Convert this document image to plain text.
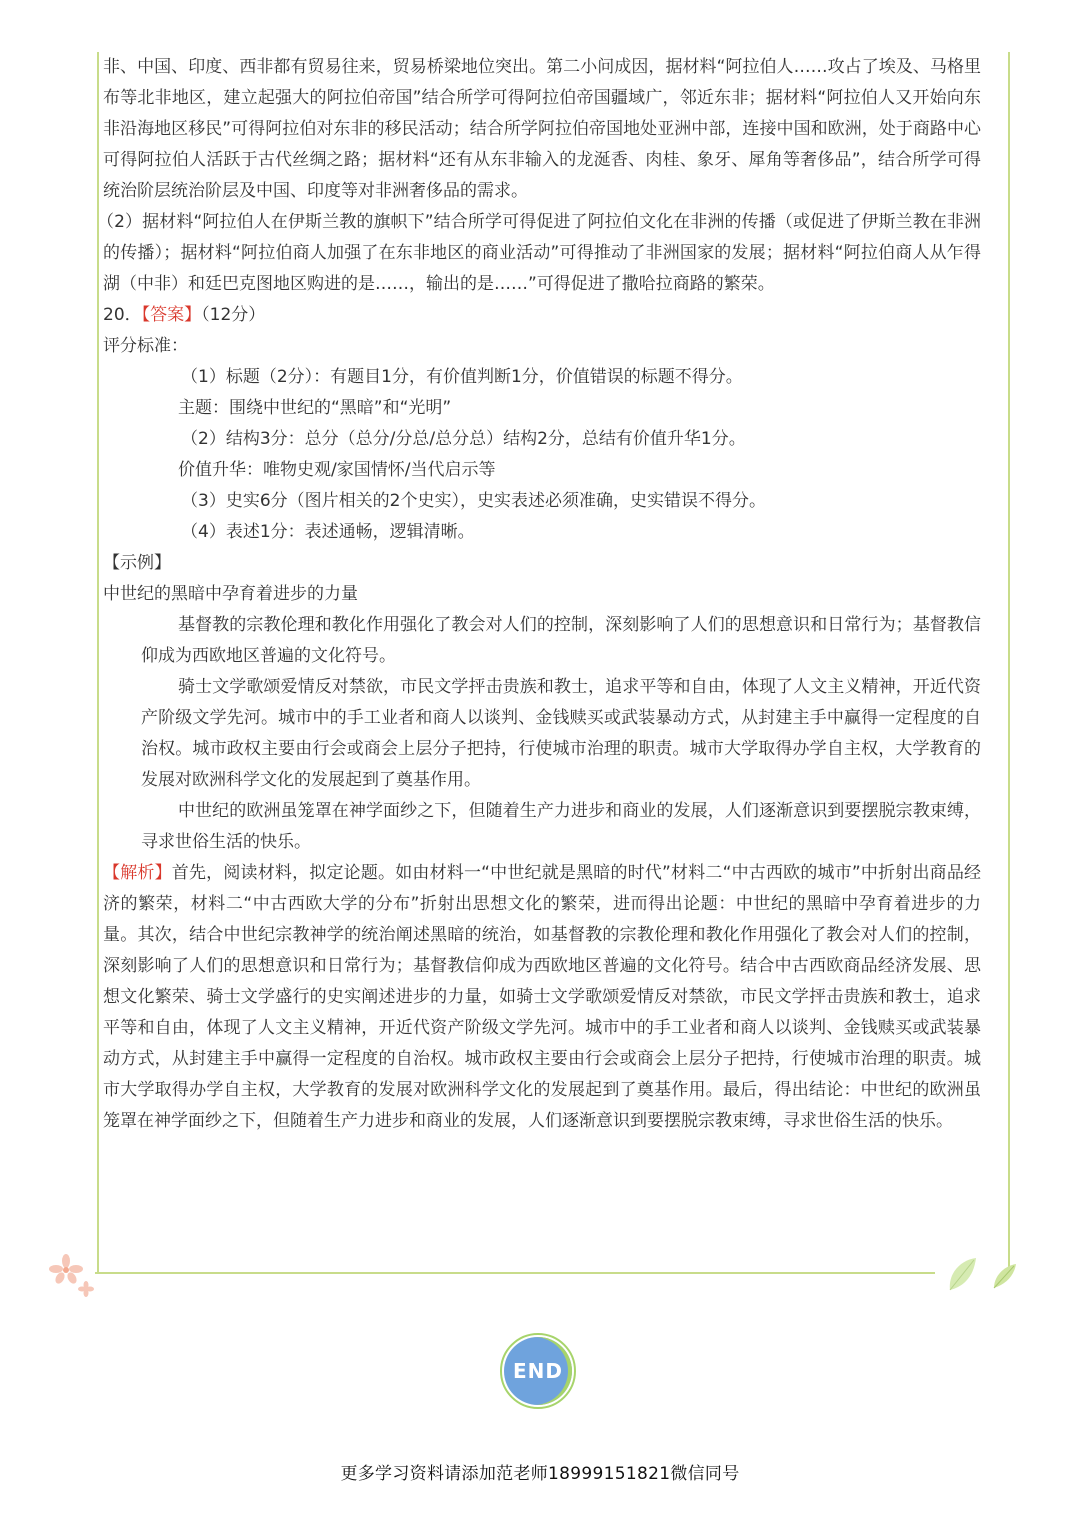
非、中国、印度、西非都有贸易往来，贸易桥梁地位突出。第二小问成因，据材料“阿拉伯人……攻占了埃及、马格里布等北非地区，建立起强大的阿拉伯帝国”结合所学可得阿拉伯帝国疆域广，邻近东非；据材料“阿拉伯人又开始向东非沿海地区移民”可得阿拉伯对东非的移民活动；结合所学阿拉伯帝国地处亚洲中部，连接中国和欧洲，处于商路中心可得阿拉伯人活跃于古代丝绸之路；据材料“还有从东非输入的龙涎香、肉桂、象牙、犀角等奢侈品”，结合所学可得统治阶层统治阶层及中国、印度等对非洲奢侈品的需求。

（2）据材料“阿拉伯人在伊斯兰教的旗帜下”结合所学可得促进了阿拉伯文化在非洲的传播（或促进了伊斯兰教在非洲的传播）；据材料“阿拉伯商人加强了在东非地区的商业活动”可得推动了非洲国家的发展；据材料“阿拉伯商人从乍得湖（中非）和廷巴克图地区购进的是……，输出的是……”可得促进了撒哈拉商路的繁荣。

20．【答案】（12分）

评分标准：

（1）标题（2分）：有题目1分，有价值判断1分，价值错误的标题不得分。

主题：围绕中世纪的“黑暗”和“光明”

（2）结构3分：总分（总分/分总/总分总）结构2分，总结有价值升华1分。

价值升华：唯物史观/家国情怀/当代启示等

（3）史实6分（图片相关的2个史实），史实表述必须准确，史实错误不得分。

（4）表述1分：表述通畅，逻辑清晰。

【示例】

中世纪的黑暗中孕育着进步的力量

基督教的宗教伦理和教化作用强化了教会对人们的控制，深刻影响了人们的思想意识和日常行为；基督教信仰成为西欧地区普遍的文化符号。

骑士文学歌颂爱情反对禁欲，市民文学抨击贵族和教士，追求平等和自由，体现了人文主义精神，开近代资产阶级文学先河。城市中的手工业者和商人以谈判、金钱赎买或武装暴动方式，从封建主手中赢得一定程度的自治权。城市政权主要由行会或商会上层分子把持，行使城市治理的职责。城市大学取得办学自主权，大学教育的发展对欧洲科学文化的发展起到了奠基作用。

中世纪的欧洲虽笼罩在神学面纱之下，但随着生产力进步和商业的发展，人们逐渐意识到要摆脱宗教束缚，寻求世俗生活的快乐。

【解析】首先，阅读材料，拟定论题。如由材料一“中世纪就是黑暗的时代”材料二“中古西欧的城市”中折射出商品经济的繁荣，材料二“中古西欧大学的分布”折射出思想文化的繁荣，进而得出论题：中世纪的黑暗中孕育着进步的力量。其次，结合中世纪宗教神学的统治阐述黑暗的统治，如基督教的宗教伦理和教化作用强化了教会对人们的控制，深刻影响了人们的思想意识和日常行为；基督教信仰成为西欧地区普遍的文化符号。结合中古西欧商品经济发展、思想文化繁荣、骑士文学盛行的史实阐述进步的力量，如骑士文学歌颂爱情反对禁欲，市民文学抨击贵族和教士，追求平等和自由，体现了人文主义精神，开近代资产阶级文学先河。城市中的手工业者和商人以谈判、金钱赎买或武装暴动方式，从封建主手中赢得一定程度的自治权。城市政权主要由行会或商会上层分子把持，行使城市治理的职责。城市大学取得办学自主权，大学教育的发展对欧洲科学文化的发展起到了奠基作用。最后，得出结论：中世纪的欧洲虽笼罩在神学面纱之下，但随着生产力进步和商业的发展，人们逐渐意识到要摆脱宗教束缚，寻求世俗生活的快乐。

END
更多学习资料请添加范老师18999151821微信同号
